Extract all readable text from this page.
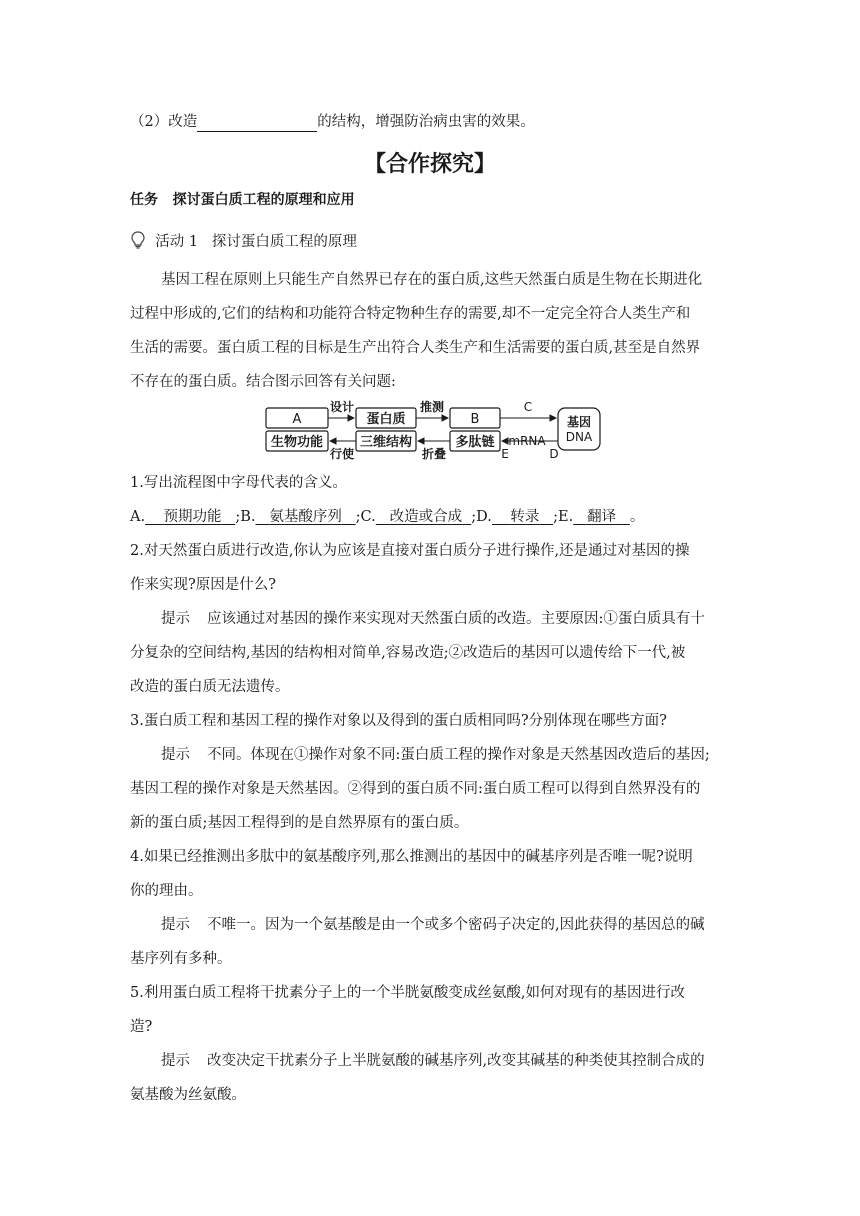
（2）改造	的结构，增强防治病虫害的效果。
【合作探究】
任务 探讨蛋白质工程的原理和应用
活动 1 探讨蛋白质工程的原理
基因工程在原则上只能生产自然界已存在的蛋白质,这些天然蛋白质是生物在长期进化
过程中形成的,它们的结构和功能符合特定物种生存的需要,却不一定完全符合人类生产和
生活的需要。蛋白质工程的目标是生产出符合人类生产和生活需要的蛋白质,甚至是自然界
不存在的蛋白质。结合图示回答有关问题:
A	蛋白质	B	基因
DNA
生物功能	三维结构	多肽链
设计	推测	C
mRNA
E	D
折叠
行使
1.写出流程图中字母代表的含义。
A. 预期功能 ;B. 氨基酸序列 ;C. 改造或合成 ;D. 转录 ;E. 翻译 。
2.对天然蛋白质进行改造,你认为应该是直接对蛋白质分子进行操作,还是通过对基因的操
作来实现?原因是什么?
提示 应该通过对基因的操作来实现对天然蛋白质的改造。主要原因:①蛋白质具有十
分复杂的空间结构,基因的结构相对简单,容易改造;②改造后的基因可以遗传给下一代,被
改造的蛋白质无法遗传。
3.蛋白质工程和基因工程的操作对象以及得到的蛋白质相同吗?分别体现在哪些方面?
提示 不同。体现在①操作对象不同:蛋白质工程的操作对象是天然基因改造后的基因;
基因工程的操作对象是天然基因。②得到的蛋白质不同:蛋白质工程可以得到自然界没有的
新的蛋白质;基因工程得到的是自然界原有的蛋白质。
4.如果已经推测出多肽中的氨基酸序列,那么推测出的基因中的碱基序列是否唯一呢?说明
你的理由。
提示 不唯一。因为一个氨基酸是由一个或多个密码子决定的,因此获得的基因总的碱
基序列有多种。
5.利用蛋白质工程将干扰素分子上的一个半胱氨酸变成丝氨酸,如何对现有的基因进行改
造?
提示 改变决定干扰素分子上半胱氨酸的碱基序列,改变其碱基的种类使其控制合成的
氨基酸为丝氨酸。
